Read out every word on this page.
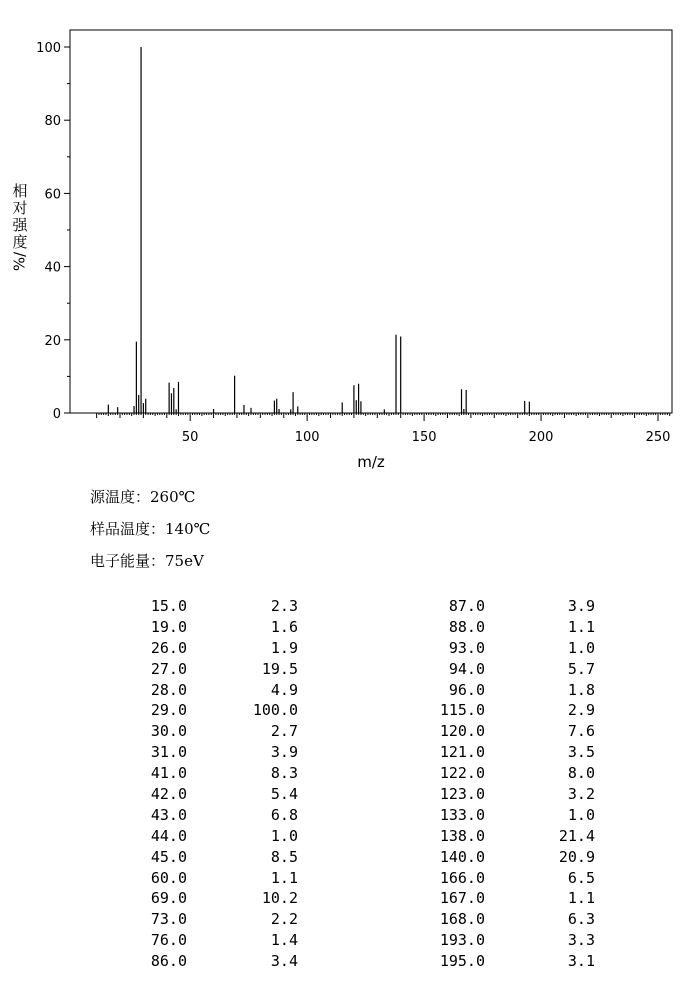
0
20
40
60
80
100
50	100	150	200	250
m/z
相对强度
%/
源温度：260℃
样品温度：140℃
电子能量：75eV
15.0	2.3	87.0	3.9
19.0	1.6	88.0	1.1
26.0	1.9	93.0	1.0
27.0	19.5	94.0	5.7
28.0	4.9	96.0	1.8
29.0	100.0	115.0	2.9
30.0	2.7	120.0	7.6
31.0	3.9	121.0	3.5
41.0	8.3	122.0	8.0
42.0	5.4	123.0	3.2
43.0	6.8	133.0	1.0
44.0	1.0	138.0	21.4
45.0	8.5	140.0	20.9
60.0	1.1	166.0	6.5
69.0	10.2	167.0	1.1
73.0	2.2	168.0	6.3
76.0	1.4	193.0	3.3
86.0	3.4	195.0	3.1
